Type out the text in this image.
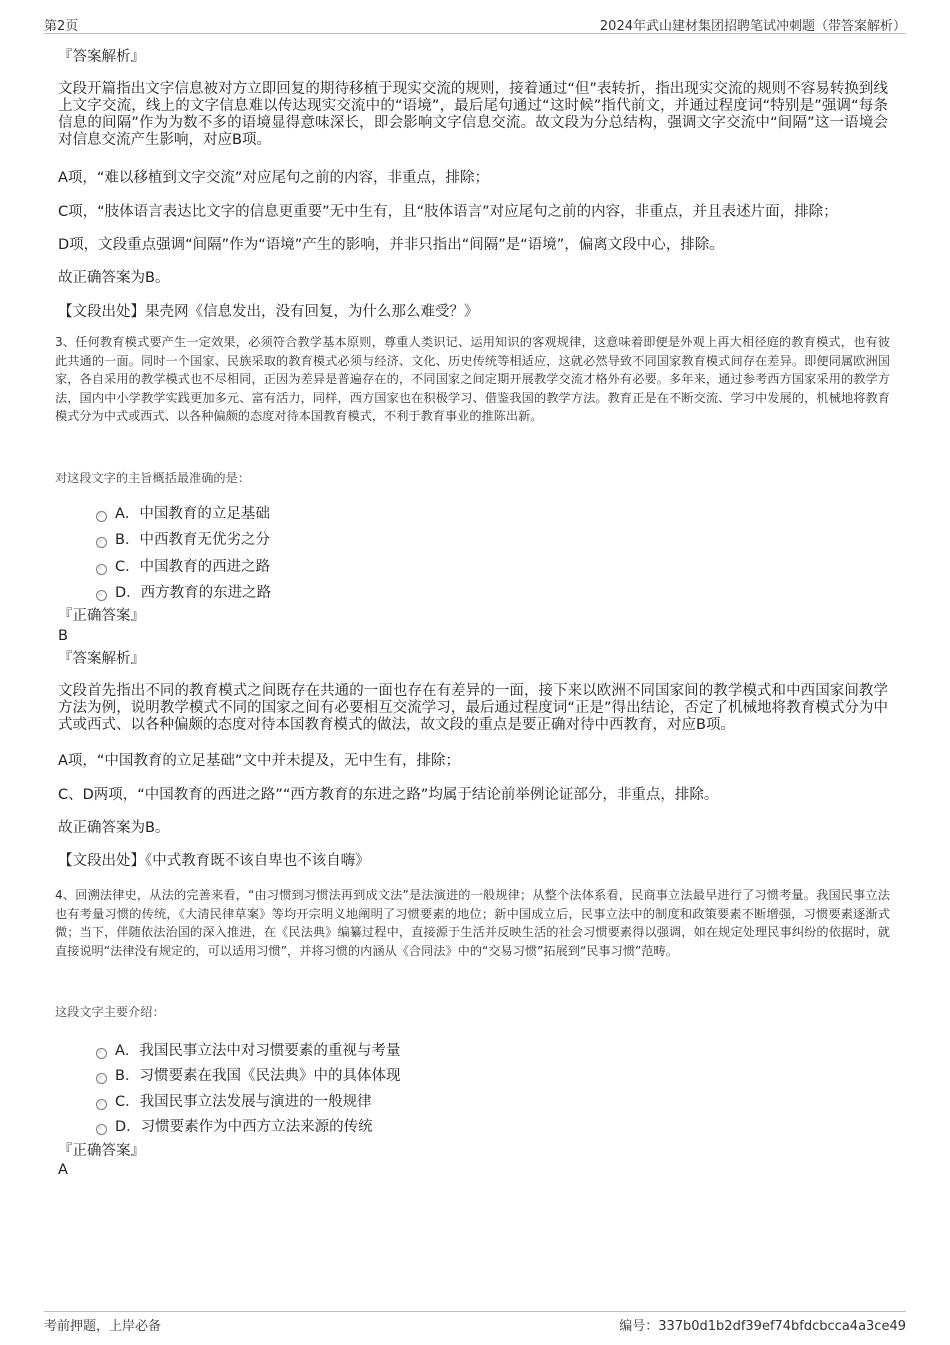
第2页	2024年武山建材集团招聘笔试冲刺题（带答案解析）
『答案解析』
文段开篇指出文字信息被对方立即回复的期待移植于现实交流的规则，接着通过“但”表转折，指出现实交流的规则不容易转换到线上文字交流，线上的文字信息难以传达现实交流中的“语境”，最后尾句通过“这时候”指代前文，并通过程度词“特别是”强调“每条信息的间隔”作为为数不多的语境显得意味深长，即会影响文字信息交流。故文段为分总结构，强调文字交流中“间隔”这一语境会对信息交流产生影响，对应B项。
A项，“难以移植到文字交流”对应尾句之前的内容，非重点，排除；
C项，“肢体语言表达比文字的信息更重要”无中生有，且“肢体语言”对应尾句之前的内容，非重点，并且表述片面，排除；
D项，文段重点强调“间隔”作为“语境”产生的影响，并非只指出“间隔”是“语境”，偏离文段中心，排除。
故正确答案为B。
【文段出处】果壳网《信息发出，没有回复，为什么那么难受？》
3、任何教育模式要产生一定效果，必须符合教学基本原则，尊重人类识记、运用知识的客观规律，这意味着即便是外观上再大相径庭的教育模式，也有彼此共通的一面。同时一个国家、民族采取的教育模式必须与经济、文化、历史传统等相适应，这就必然导致不同国家教育模式间存在差异。即便同属欧洲国家，各自采用的教学模式也不尽相同，正因为差异是普遍存在的，不同国家之间定期开展教学交流才格外有必要。多年来，通过参考西方国家采用的教学方法，国内中小学教学实践更加多元、富有活力，同样，西方国家也在积极学习、借鉴我国的教学方法。教育正是在不断交流、学习中发展的，机械地将教育模式分为中式或西式、以各种偏颇的态度对待本国教育模式，不利于教育事业的推陈出新。
对这段文字的主旨概括最准确的是：
A．中国教育的立足基础
B．中西教育无优劣之分
C．中国教育的西进之路
D．西方教育的东进之路
『正确答案』
B
『答案解析』
文段首先指出不同的教育模式之间既存在共通的一面也存在有差异的一面，接下来以欧洲不同国家间的教学模式和中西国家间教学方法为例，说明教学模式不同的国家之间有必要相互交流学习，最后通过程度词“正是”得出结论，否定了机械地将教育模式分为中式或西式、以各种偏颇的态度对待本国教育模式的做法，故文段的重点是要正确对待中西教育，对应B项。
A项，“中国教育的立足基础”文中并未提及，无中生有，排除；
C、D两项，“中国教育的西进之路”“西方教育的东进之路”均属于结论前举例论证部分，非重点，排除。
故正确答案为B。
【文段出处】《中式教育既不该自卑也不该自嗨》
4、回溯法律史，从法的完善来看，“由习惯到习惯法再到成文法”是法演进的一般规律；从整个法体系看，民商事立法最早进行了习惯考量。我国民事立法也有考量习惯的传统，《大清民律草案》等均开宗明义地阐明了习惯要素的地位；新中国成立后，民事立法中的制度和政策要素不断增强，习惯要素逐渐式微；当下，伴随依法治国的深入推进，在《民法典》编纂过程中，直接源于生活并反映生活的社会习惯要素得以强调，如在规定处理民事纠纷的依据时，就直接说明“法律没有规定的，可以适用习惯”，并将习惯的内涵从《合同法》中的“交易习惯”拓展到“民事习惯”范畴。
这段文字主要介绍：
A．我国民事立法中对习惯要素的重视与考量
B．习惯要素在我国《民法典》中的具体体现
C．我国民事立法发展与演进的一般规律
D．习惯要素作为中西方立法来源的传统
『正确答案』
A
考前押题，上岸必备	编号：337b0d1b2df39ef74bfdcbcca4a3ce49
